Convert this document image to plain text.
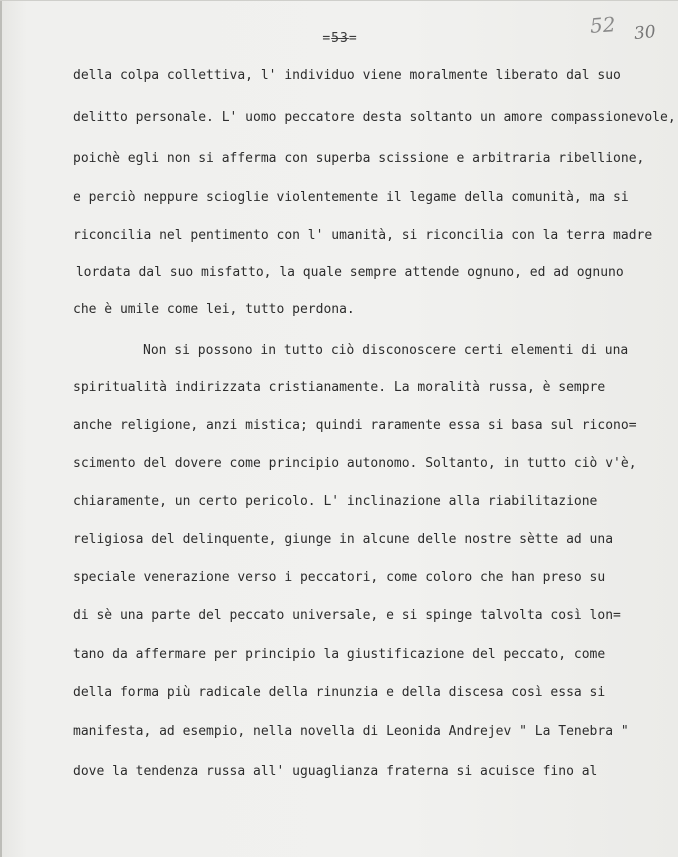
=53=
52 30

della colpa collettiva, l' individuo viene moralmente liberato dal suo

delitto personale. L' uomo peccatore desta soltanto un amore compassionevole,

poichè egli non si afferma con superba scissione e arbitraria ribellione,

e perciò neppure scioglie violentemente il legame della comunità, ma si

riconcilia nel pentimento con l' umanità, si riconcilia con la terra madre

lordata dal suo misfatto, la quale sempre attende ognuno, ed ad ognuno

che è umile come lei, tutto perdona.

Non si possono in tutto ciò disconoscere certi elementi di una

spiritualità indirizzata cristianamente. La moralità russa, è sempre

anche religione, anzi mistica; quindi raramente essa si basa sul ricono=

scimento del dovere come principio autonomo. Soltanto, in tutto ciò v'è,

chiaramente, un certo pericolo. L' inclinazione alla riabilitazione

religiosa del delinquente, giunge in alcune delle nostre sètte ad una

speciale venerazione verso i peccatori, come coloro che han preso su

di sè una parte del peccato universale, e si spinge talvolta così lon=

tano da affermare per principio la giustificazione del peccato, come

della forma più radicale della rinunzia e della discesa così essa si

manifesta, ad esempio, nella novella di Leonida Andrejev " La Tenebra "

dove la tendenza russa all' uguaglianza fraterna si acuisce fino al
